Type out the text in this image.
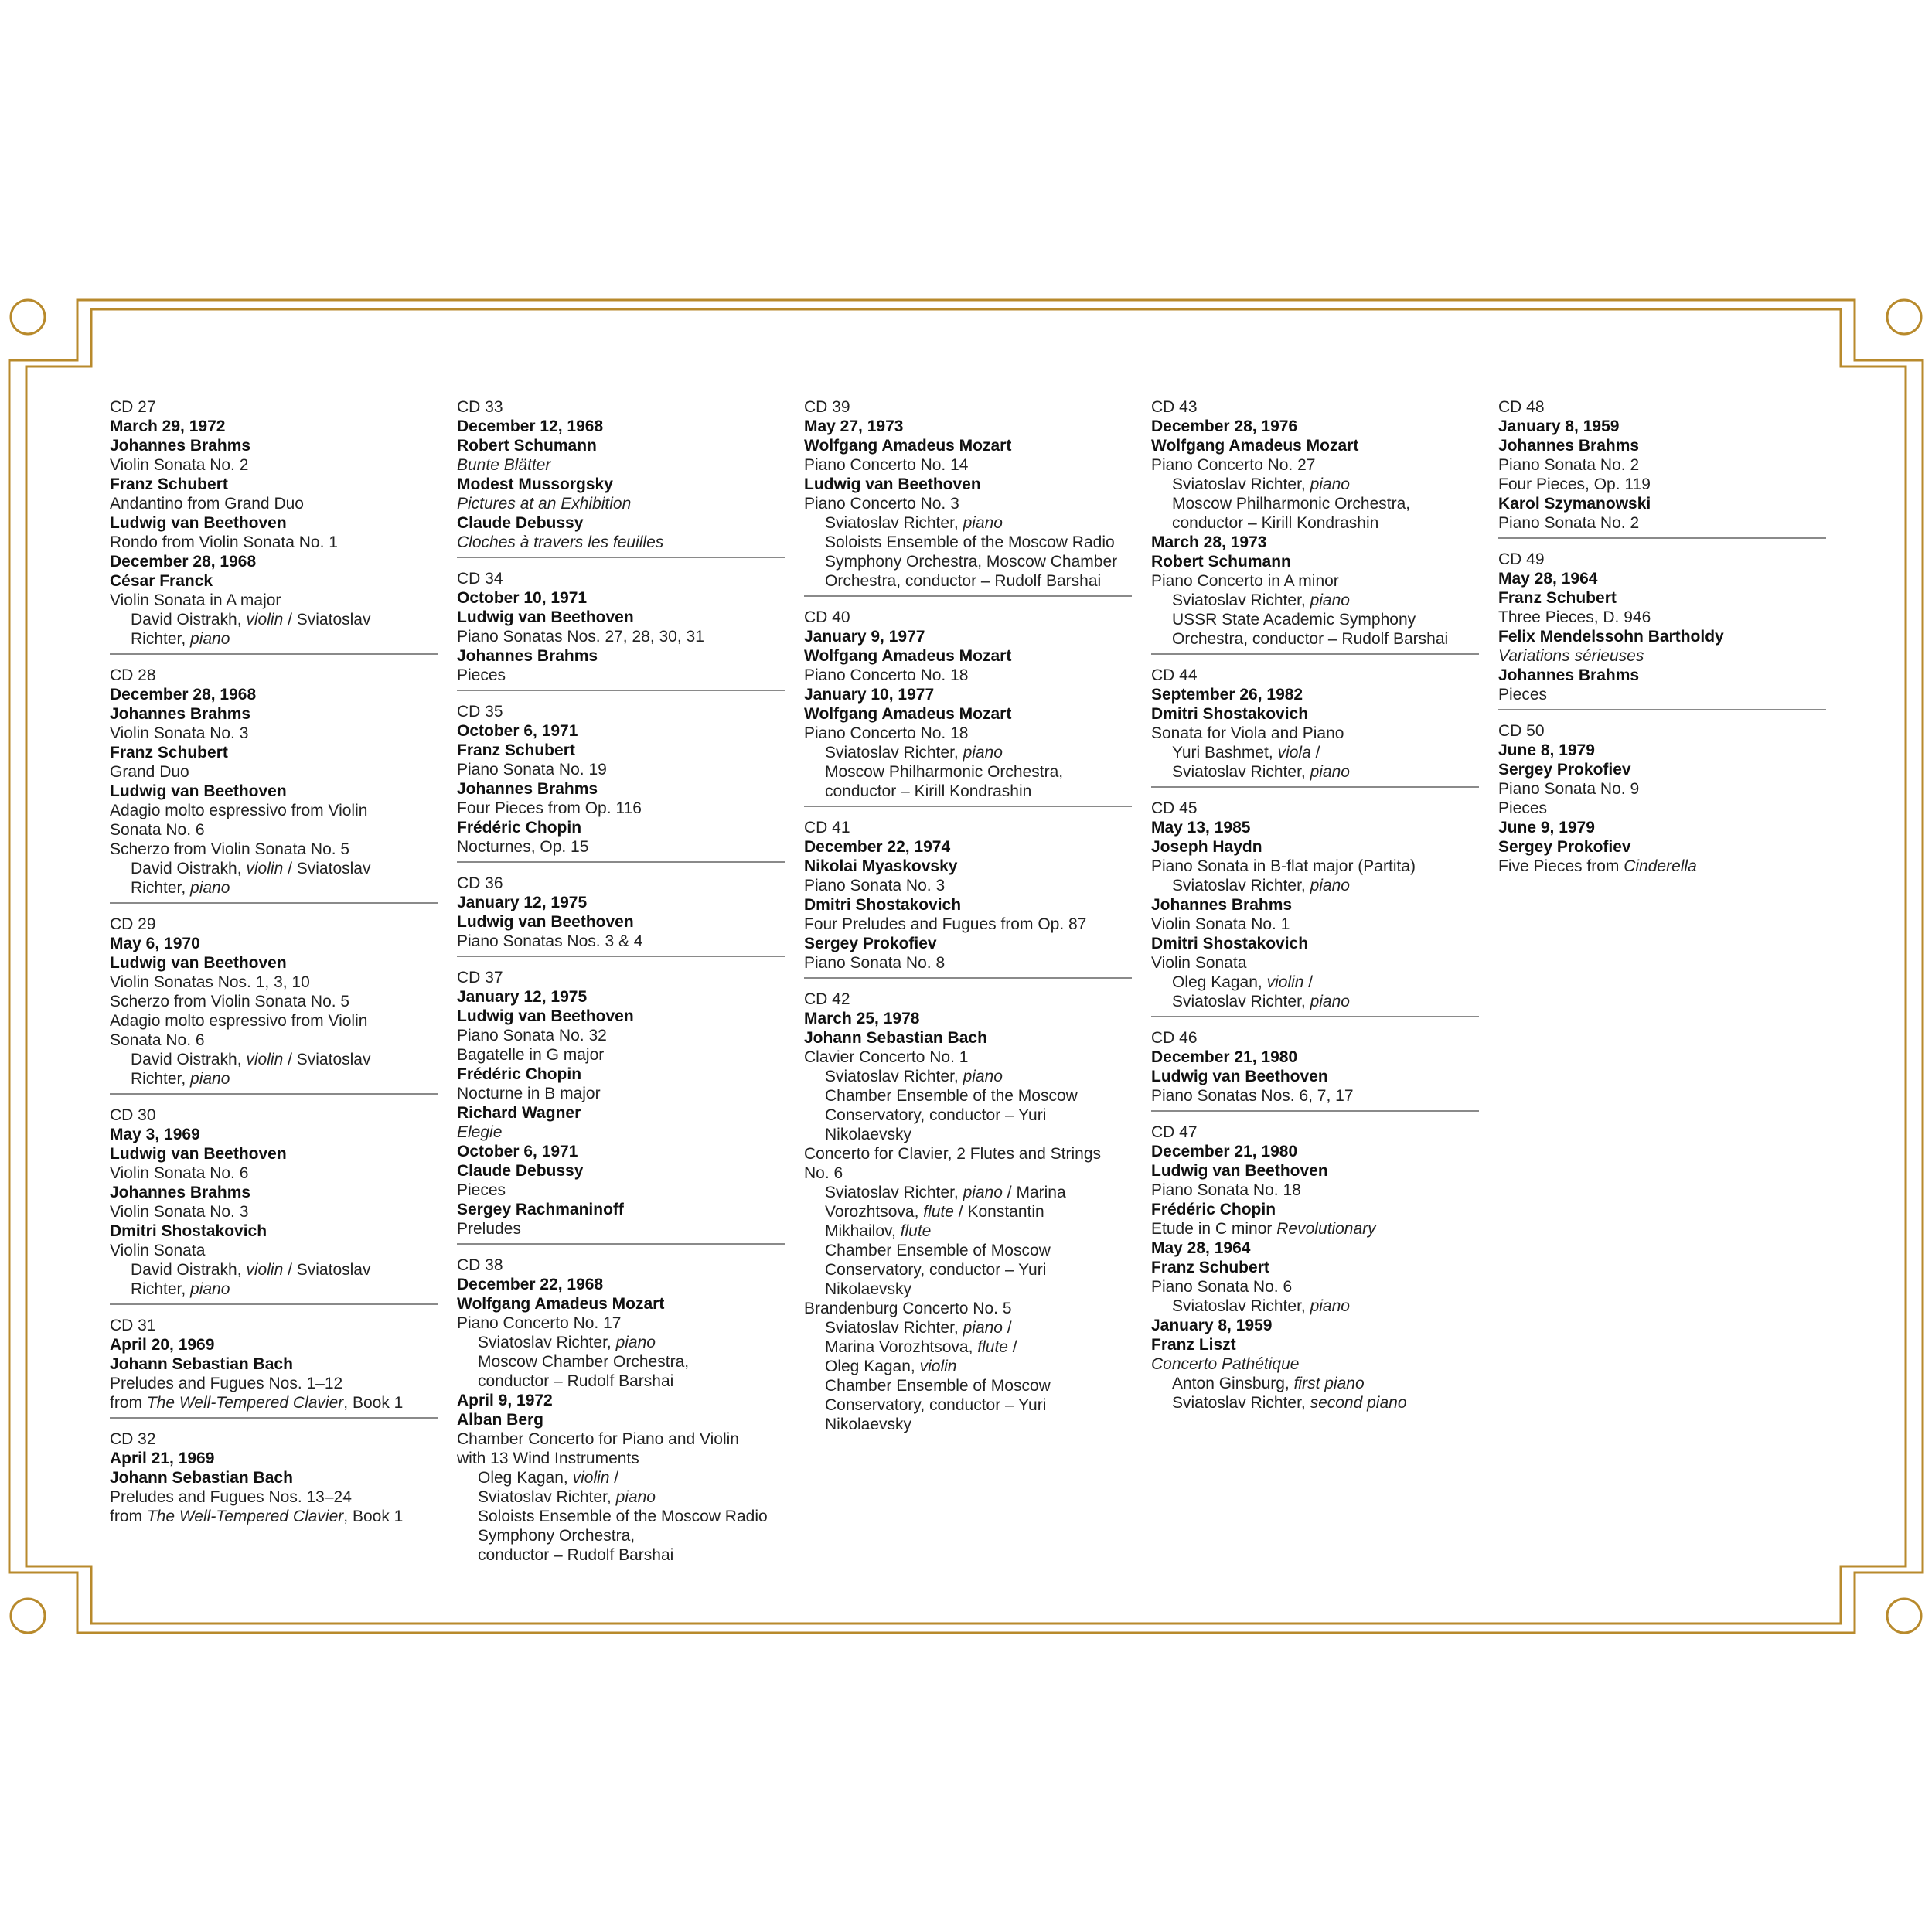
CD 27
March 29, 1972
Johannes Brahms
Violin Sonata No. 2
Franz Schubert
Andantino from Grand Duo
Ludwig van Beethoven
Rondo from Violin Sonata No. 1
December 28, 1968
César Franck
Violin Sonata in A major
David Oistrakh, violin / Sviatoslav
Richter, piano
CD 28
December 28, 1968
Johannes Brahms
Violin Sonata No. 3
Franz Schubert
Grand Duo
Ludwig van Beethoven
Adagio molto espressivo from Violin
Sonata No. 6
Scherzo from Violin Sonata No. 5
David Oistrakh, violin / Sviatoslav
Richter, piano
CD 29
May 6, 1970
Ludwig van Beethoven
Violin Sonatas Nos. 1, 3, 10
Scherzo from Violin Sonata No. 5
Adagio molto espressivo from Violin
Sonata No. 6
David Oistrakh, violin / Sviatoslav
Richter, piano
CD 30
May 3, 1969
Ludwig van Beethoven
Violin Sonata No. 6
Johannes Brahms
Violin Sonata No. 3
Dmitri Shostakovich
Violin Sonata
David Oistrakh, violin / Sviatoslav
Richter, piano
CD 31
April 20, 1969
Johann Sebastian Bach
Preludes and Fugues Nos. 1–12
from The Well-Tempered Clavier, Book 1
CD 32
April 21, 1969
Johann Sebastian Bach
Preludes and Fugues Nos. 13–24
from The Well-Tempered Clavier, Book 1
CD 33
December 12, 1968
Robert Schumann
Bunte Blätter
Modest Mussorgsky
Pictures at an Exhibition
Claude Debussy
Cloches à travers les feuilles
CD 34
October 10, 1971
Ludwig van Beethoven
Piano Sonatas Nos. 27, 28, 30, 31
Johannes Brahms
Pieces
CD 35
October 6, 1971
Franz Schubert
Piano Sonata No. 19
Johannes Brahms
Four Pieces from Op. 116
Frédéric Chopin
Nocturnes, Op. 15
CD 36
January 12, 1975
Ludwig van Beethoven
Piano Sonatas Nos. 3 & 4
CD 37
January 12, 1975
Ludwig van Beethoven
Piano Sonata No. 32
Bagatelle in G major
Frédéric Chopin
Nocturne in B major
Richard Wagner
Elegie
October 6, 1971
Claude Debussy
Pieces
Sergey Rachmaninoff
Preludes
CD 38
December 22, 1968
Wolfgang Amadeus Mozart
Piano Concerto No. 17
Sviatoslav Richter, piano
Moscow Chamber Orchestra,
conductor – Rudolf Barshai
April 9, 1972
Alban Berg
Chamber Concerto for Piano and Violin
with 13 Wind Instruments
Oleg Kagan, violin /
Sviatoslav Richter, piano
Soloists Ensemble of the Moscow Radio
Symphony Orchestra,
conductor – Rudolf Barshai
CD 39
May 27, 1973
Wolfgang Amadeus Mozart
Piano Concerto No. 14
Ludwig van Beethoven
Piano Concerto No. 3
Sviatoslav Richter, piano
Soloists Ensemble of the Moscow Radio
Symphony Orchestra, Moscow Chamber
Orchestra, conductor – Rudolf Barshai
CD 40
January 9, 1977
Wolfgang Amadeus Mozart
Piano Concerto No. 18
January 10, 1977
Wolfgang Amadeus Mozart
Piano Concerto No. 18
Sviatoslav Richter, piano
Moscow Philharmonic Orchestra,
conductor – Kirill Kondrashin
CD 41
December 22, 1974
Nikolai Myaskovsky
Piano Sonata No. 3
Dmitri Shostakovich
Four Preludes and Fugues from Op. 87
Sergey Prokofiev
Piano Sonata No. 8
CD 42
March 25, 1978
Johann Sebastian Bach
Clavier Concerto No. 1
Sviatoslav Richter, piano
Chamber Ensemble of the Moscow
Conservatory, conductor – Yuri
Nikolaevsky
Concerto for Clavier, 2 Flutes and Strings
No. 6
Sviatoslav Richter, piano / Marina
Vorozhtsova, flute / Konstantin
Mikhailov, flute
Chamber Ensemble of Moscow
Conservatory, conductor – Yuri
Nikolaevsky
Brandenburg Concerto No. 5
Sviatoslav Richter, piano /
Marina Vorozhtsova, flute /
Oleg Kagan, violin
Chamber Ensemble of Moscow
Conservatory, conductor – Yuri
Nikolaevsky
CD 43
December 28, 1976
Wolfgang Amadeus Mozart
Piano Concerto No. 27
Sviatoslav Richter, piano
Moscow Philharmonic Orchestra,
conductor – Kirill Kondrashin
March 28, 1973
Robert Schumann
Piano Concerto in A minor
Sviatoslav Richter, piano
USSR State Academic Symphony
Orchestra, conductor – Rudolf Barshai
CD 44
September 26, 1982
Dmitri Shostakovich
Sonata for Viola and Piano
Yuri Bashmet, viola /
Sviatoslav Richter, piano
CD 45
May 13, 1985
Joseph Haydn
Piano Sonata in B-flat major (Partita)
Sviatoslav Richter, piano
Johannes Brahms
Violin Sonata No. 1
Dmitri Shostakovich
Violin Sonata
Oleg Kagan, violin /
Sviatoslav Richter, piano
CD 46
December 21, 1980
Ludwig van Beethoven
Piano Sonatas Nos. 6, 7, 17
CD 47
December 21, 1980
Ludwig van Beethoven
Piano Sonata No. 18
Frédéric Chopin
Etude in C minor Revolutionary
May 28, 1964
Franz Schubert
Piano Sonata No. 6
Sviatoslav Richter, piano
January 8, 1959
Franz Liszt
Concerto Pathétique
Anton Ginsburg, first piano
Sviatoslav Richter, second piano
CD 48
January 8, 1959
Johannes Brahms
Piano Sonata No. 2
Four Pieces, Op. 119
Karol Szymanowski
Piano Sonata No. 2
CD 49
May 28, 1964
Franz Schubert
Three Pieces, D. 946
Felix Mendelssohn Bartholdy
Variations sérieuses
Johannes Brahms
Pieces
CD 50
June 8, 1979
Sergey Prokofiev
Piano Sonata No. 9
Pieces
June 9, 1979
Sergey Prokofiev
Five Pieces from Cinderella
